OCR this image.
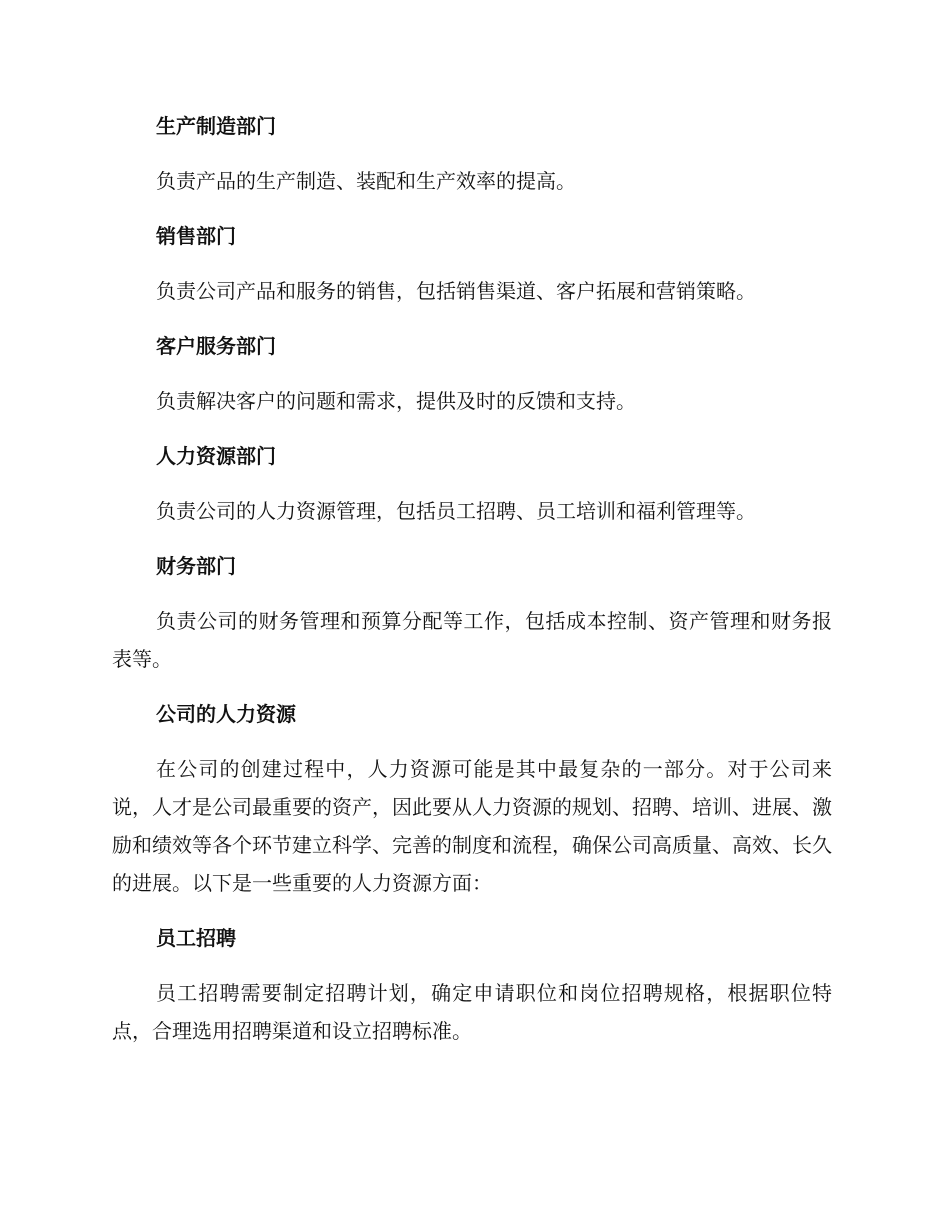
生产制造部门

负责产品的生产制造、装配和生产效率的提高。

销售部门

负责公司产品和服务的销售，包括销售渠道、客户拓展和营销策略。

客户服务部门

负责解决客户的问题和需求，提供及时的反馈和支持。

人力资源部门

负责公司的人力资源管理，包括员工招聘、员工培训和福利管理等。

财务部门

负责公司的财务管理和预算分配等工作，包括成本控制、资产管理和财务报表等。

公司的人力资源

在公司的创建过程中，人力资源可能是其中最复杂的一部分。对于公司来说，人才是公司最重要的资产，因此要从人力资源的规划、招聘、培训、进展、激励和绩效等各个环节建立科学、完善的制度和流程，确保公司高质量、高效、长久的进展。以下是一些重要的人力资源方面：

员工招聘

员工招聘需要制定招聘计划，确定申请职位和岗位招聘规格，根据职位特点，合理选用招聘渠道和设立招聘标准。
